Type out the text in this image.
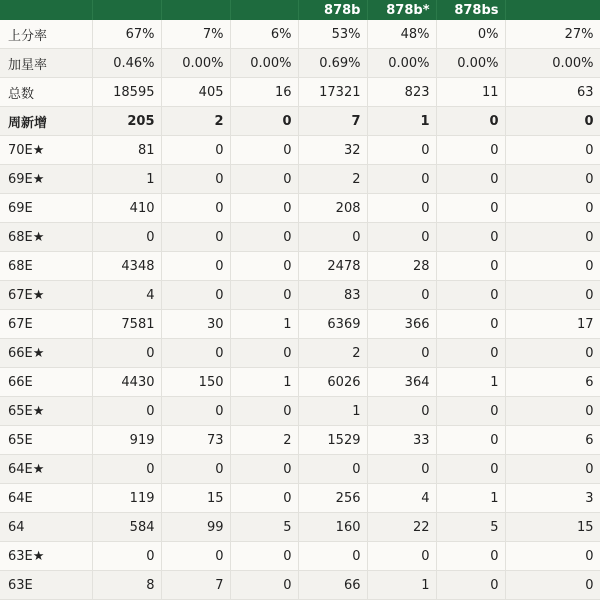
				878b	878b*	878bs		
上分率	67%	7%	6%	53%	48%	0%	27%	
加星率	0.46%	0.00%	0.00%	0.69%	0.00%	0.00%	0.00%	
总数	18595	405	16	17321	823	11	63	
周新增	205	2	0	7	1	0	0	
70E★	81	0	0	32	0	0	0	
69E★	1	0	0	2	0	0	0	
69E	410	0	0	208	0	0	0	
68E★	0	0	0	0	0	0	0	
68E	4348	0	0	2478	28	0	0	
67E★	4	0	0	83	0	0	0	
67E	7581	30	1	6369	366	0	17	
66E★	0	0	0	2	0	0	0	
66E	4430	150	1	6026	364	1	6	
65E★	0	0	0	1	0	0	0	
65E	919	73	2	1529	33	0	6	
64E★	0	0	0	0	0	0	0	
64E	119	15	0	256	4	1	3	
64	584	99	5	160	22	5	15	
63E★	0	0	0	0	0	0	0	
63E	8	7	0	66	1	0	0	
